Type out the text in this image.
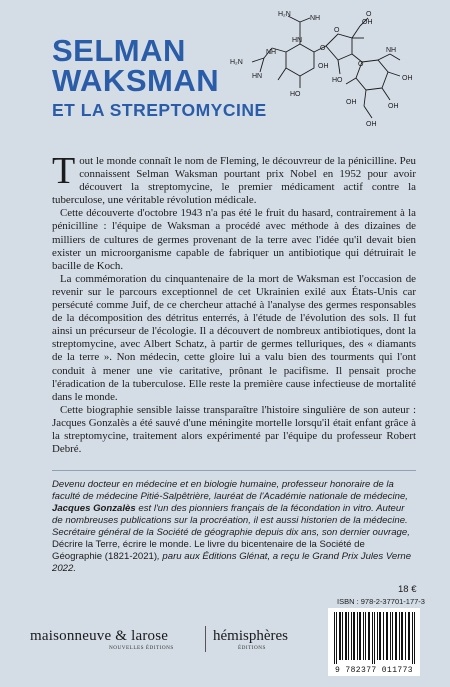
SELMAN
WAKSMAN
ET LA STREPTOMYCINE
H₂N
NH
HN
OH
O
H₂N
NH
HN
HO
O
OH
O
O
HO
NH
OH
OH
OH
OH

Tout le monde connaît le nom de Fleming, le découvreur de la pénicilline. Peu connaissent Selman Waksman pourtant prix Nobel en 1952 pour avoir découvert la streptomycine, le premier médicament actif contre la tuberculose, une véritable révolution médicale.

Cette découverte d'octobre 1943 n'a pas été le fruit du hasard, contrairement à la pénicilline : l'équipe de Waksman a procédé avec méthode à des dizaines de milliers de cultures de germes provenant de la terre avec l'idée qu'il devait bien exister un microorganisme capable de fabriquer un antibiotique qui détruirait le bacille de Koch.

La commémoration du cinquantenaire de la mort de Waksman est l'occasion de revenir sur le parcours exceptionnel de cet Ukrainien exilé aux États-Unis car persécuté comme Juif, de ce chercheur attaché à l'analyse des germes responsables de la décomposition des détritus enterrés, à l'étude de l'évolution des sols. Il fut ainsi un précurseur de l'écologie. Il a découvert de nombreux antibiotiques, dont la streptomycine, avec Albert Schatz, à partir de germes telluriques, des « diamants de la terre ». Non médecin, cette gloire lui a valu bien des tourments qui l'ont conduit à mener une vie caritative, prônant le pacifisme. Il pensait proche l'éradication de la tuberculose. Elle reste la première cause infectieuse de mortalité dans le monde.

Cette biographie sensible laisse transparaître l'histoire singulière de son auteur : Jacques Gonzalès a été sauvé d'une méningite mortelle lorsqu'il était enfant grâce à la streptomycine, traitement alors expérimenté par l'équipe du professeur Robert Debré.

Devenu docteur en médecine et en biologie humaine, professeur honoraire de la faculté de médecine Pitié-Salpêtrière, lauréat de l'Académie nationale de médecine, Jacques Gonzalès est l'un des pionniers français de la fécondation in vitro. Auteur de nombreuses publications sur la procréation, il est aussi historien de la médecine. Secrétaire général de la Société de géographie depuis dix ans, son dernier ouvrage, Décrire la Terre, écrire le monde. Le livre du bicentenaire de la Société de Géographie (1821-2021), paru aux Éditions Glénat, a reçu le Grand Prix Jules Verne 2022.
18 €
ISBN : 978-2-37701-177-3
9 782377 011773
maisonneuve & larose
NOUVELLES ÉDITIONS
hémisphères
ÉDITIONS
